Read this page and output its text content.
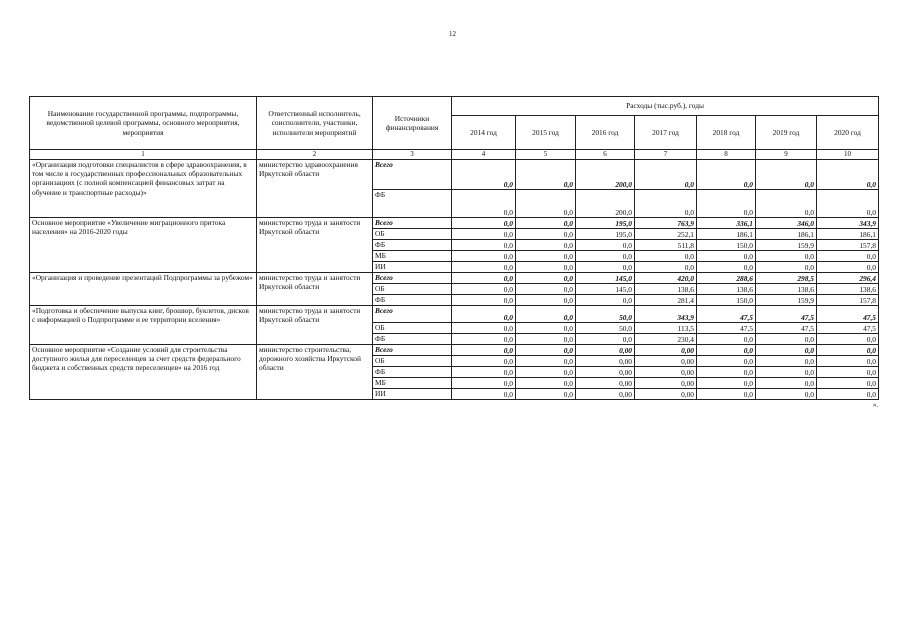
12
Наименование государственной программы, подпрограммы, ведомственной целевой программы, основного мероприятия, мероприятия	Ответственный исполнитель, соисполнители, участники, исполнители мероприятий	Источники финансирования	Расходы (тыс.руб.), годы						
			2014 год	2015 год	2016 год	2017 год	2018 год	2019 год	2020 год
1	2	3	4	5	6	7	8	9	10
«Организация подготовки специалистов в сфере здравоохранения, в том числе в государственных профессиональных образовательных организациях (с полной компенсацией финансовых затрат на обучение и транспортные расходы)»	министерство здравоохранения Иркутской области	Всего	0,0	0,0	200,0	0,0	0,0	0,0	0,0
		ФБ	0,0	0,0	200,0	0,0	0,0	0,0	0,0
Основное мероприятие «Увеличение миграционного притока населения» на 2016-2020 годы	министерство труда и занятости Иркутской области	Всего	0,0	0,0	195,0	763,9	336,1	346,0	343,9
		ОБ	0,0	0,0	195,0	252,1	186,1	186,1	186,1
		ФБ	0,0	0,0	0,0	511,8	150,0	159,9	157,8
		МБ	0,0	0,0	0,0	0,0	0,0	0,0	0,0
		ИИ	0,0	0,0	0,0	0,0	0,0	0,0	0,0
«Организация и проведение презентаций Подпрограммы за рубежом»	министерство труда и занятости Иркутской области	Всего	0,0	0,0	145,0	420,0	288,6	298,5	296,4
		ОБ	0,0	0,0	145,0	138,6	138,6	138,6	138,6
		ФБ	0,0	0,0	0,0	281,4	150,0	159,9	157,8
«Подготовка и обеспечение выпуска книг, брошюр, буклетов, дисков с информацией о Подпрограмме и ее территории вселения»	министерство труда и занятости Иркутской области	Всего	0,0	0,0	50,0	343,9	47,5	47,5	47,5
		ОБ	0,0	0,0	50,0	113,5	47,5	47,5	47,5
		ФБ	0,0	0,0	0,0	230,4	0,0	0,0	0,0
Основное мероприятие «Создание условий для строительства доступного жилья для переселенцев за счет средств федерального бюджета и собственных средств переселенцев» на 2016 год	министерство строительства, дорожного хозяйства Иркутской области	Всего	0,0	0,0	0,00	0,00	0,0	0,0	0,0
		ОБ	0,0	0,0	0,00	0,00	0,0	0,0	0,0
		ФБ	0,0	0,0	0,00	0,00	0,0	0,0	0,0
		МБ	0,0	0,0	0,00	0,00	0,0	0,0	0,0
		ИИ	0,0	0,0	0,00	0,00	0,0	0,0	0,0
».
